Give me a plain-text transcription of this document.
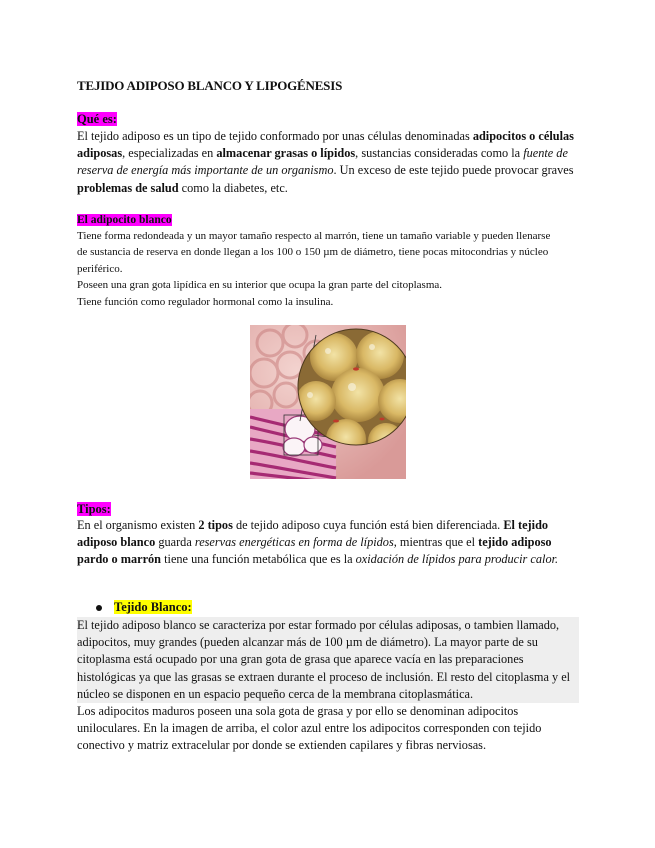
TEJIDO ADIPOSO BLANCO Y LIPOGÉNESIS
Qué es:
El tejido adiposo es un tipo de tejido conformado por unas células denominadas adipocitos o células adiposas, especializadas en almacenar grasas o lípidos, sustancias consideradas como la fuente de reserva de energía más importante de un organismo. Un exceso de este tejido puede provocar graves problemas de salud como la diabetes, etc.
El adipocito blanco
Tiene forma redondeada y un mayor tamaño respecto al marrón, tiene un tamaño variable y pueden llenarse de sustancia de reserva en donde llegan a los 100 o 150 µm de diámetro, tiene pocas mitocondrias y núcleo periférico.
Poseen una gran gota lipídica en su interior que ocupa la gran parte del citoplasma.
Tiene función como regulador hormonal como la insulina.
Tipos:
En el organismo existen 2 tipos de tejido adiposo cuya función está bien diferenciada. El tejido adiposo blanco guarda reservas energéticas en forma de lípidos, mientras que el tejido adiposo pardo o marrón tiene una función metabólica que es la oxidación de lípidos para producir calor.
Tejido Blanco:
El tejido adiposo blanco se caracteriza por estar formado por células adiposas, o tambien llamado, adipocitos, muy grandes (pueden alcanzar más de 100 µm de diámetro). La mayor parte de su citoplasma está ocupado por una gran gota de grasa que aparece vacía en las preparaciones histológicas ya que las grasas se extraen durante el proceso de inclusión. El resto del citoplasma y el núcleo se disponen en un espacio pequeño cerca de la membrana citoplasmática.
Los adipocitos maduros poseen una sola gota de grasa y por ello se denominan adipocitos uniloculares. En la imagen de arriba, el color azul entre los adipocitos corresponden con tejido conectivo y matriz extracelular por donde se extienden capilares y fibras nerviosas.
